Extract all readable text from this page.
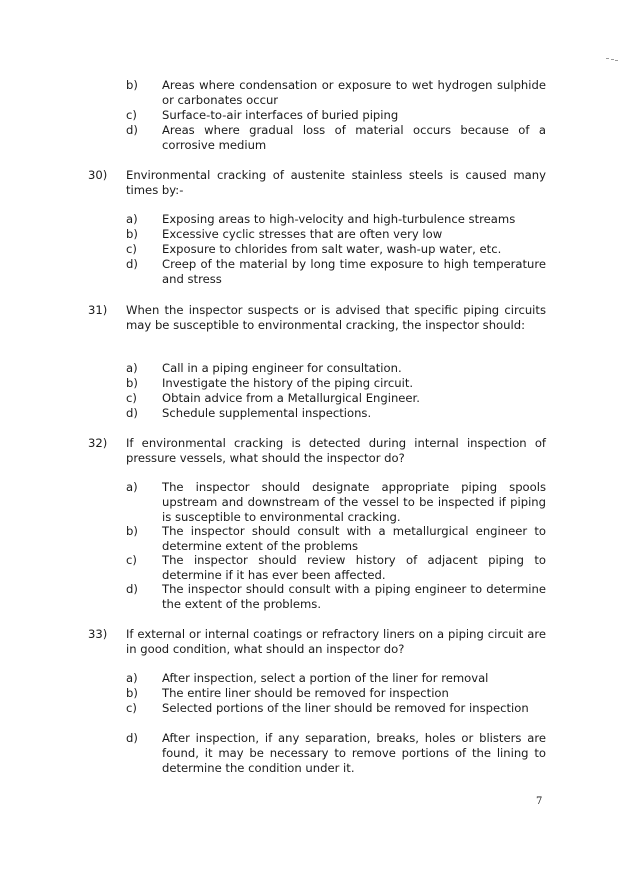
b)	Areas where condensation or exposure to wet hydrogen sulphide or carbonates occur
c)	Surface-to-air interfaces of buried piping
d)	Areas where gradual loss of material occurs because of a corrosive medium
30)	Environmental cracking of austenite stainless steels is caused many times by:-
a)	Exposing areas to high-velocity and high-turbulence streams
b)	Excessive cyclic stresses that are often very low
c)	Exposure to chlorides from salt water, wash-up water, etc.
d)	Creep of the material by long time exposure to high temperature and stress
31)	When the inspector suspects or is advised that specific piping circuits may be susceptible to environmental cracking, the inspector should:
a)	Call in a piping engineer for consultation.
b)	Investigate the history of the piping circuit.
c)	Obtain advice from a Metallurgical Engineer.
d)	Schedule supplemental inspections.
32)	If environmental cracking is detected during internal inspection of pressure vessels, what should the inspector do?
a)	The inspector should designate appropriate piping spools upstream and downstream of the vessel to be inspected if piping is susceptible to environmental cracking.
b)	The inspector should consult with a metallurgical engineer to determine extent of the problems
c)	The inspector should review history of adjacent piping to determine if it has ever been affected.
d)	The inspector should consult with a piping engineer to determine the extent of the problems.
33)	If external or internal coatings or refractory liners on a piping circuit are in good condition, what should an inspector do?
a)	After inspection, select a portion of the liner for removal
b)	The entire liner should be removed for inspection
c)	Selected portions of the liner should be removed for inspection
d)	After inspection, if any separation, breaks, holes or blisters are found, it may be necessary to remove portions of the lining to determine the condition under it.
7
